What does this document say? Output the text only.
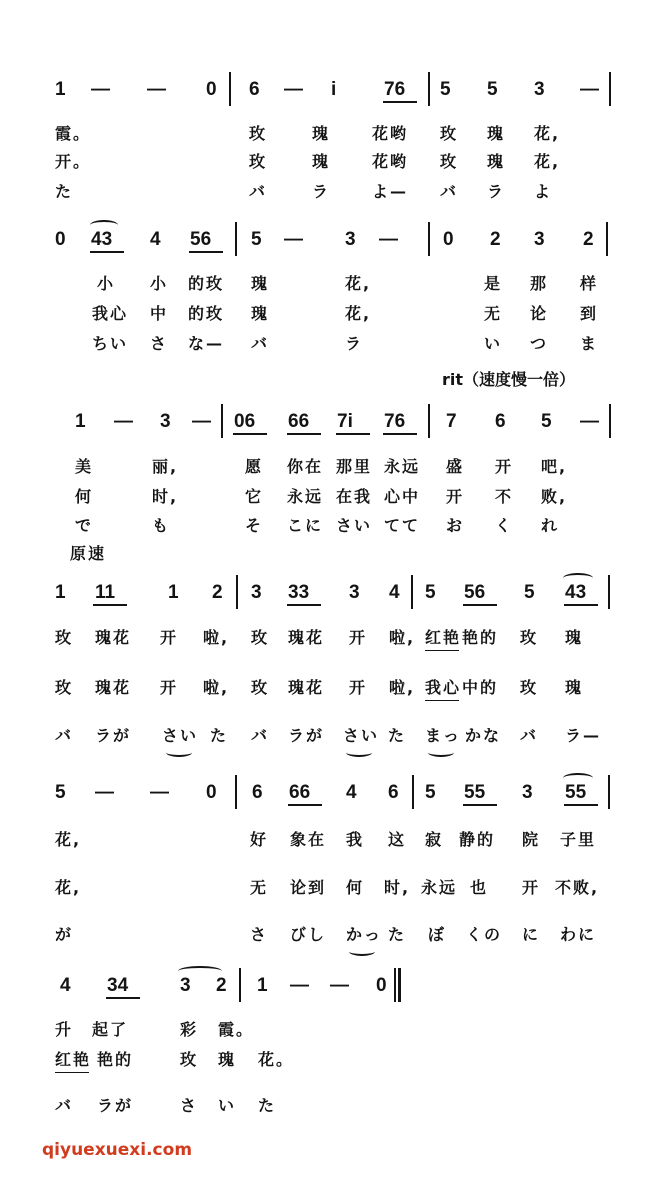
1 — — 0 6 — i	76 5 5 3 —
霞。	玫	瑰	花哟 玫 瑰 花,
开。	玫	瑰	花哟 玫 瑰 花,
た	バ	ラ	よ— バ ラ よ
0 43 4 56 5 — 3 — 0 2 3 2
小 小 的玫 瑰	花,	是 那 样
我心 中 的玫 瑰	花,	无 论 到
ちい さ な— バ	ラ	い つ ま
rit（速度慢一倍）
1 — 3 — 06 66 7i 76 7 6 5 —
美	丽,	愿 你在 那里 永远 盛 开 吧,
何	时,	它 永远 在我 心中 开 不 败,
で	も	そ こに さい てて お く れ
原速
1 11	1 2 3 33 3 4 5 56 5 43
玫 瑰花 开 啦, 玫 瑰花 开 啦, 红艳 艳的 玫 瑰
玫 瑰花 开 啦, 玫 瑰花 开 啦, 我心 中的 玫 瑰
バ ラが さい た バ ラが さい た まっ かな バ ラ—
5 — — 0 6 66 4 6 5 55 3 55
花,	好 象在 我 这 寂 静的 院 子里
花,	无 论到 何 时, 永远 也 开 不败,
が	さ びし かっ た ぼ くの に わに
4 34	3 2 1 — — 0
升 起了	彩 霞。
红艳 艳的	玫 瑰 花。
バ ラが	さ い た
qiyuexuexi.com
